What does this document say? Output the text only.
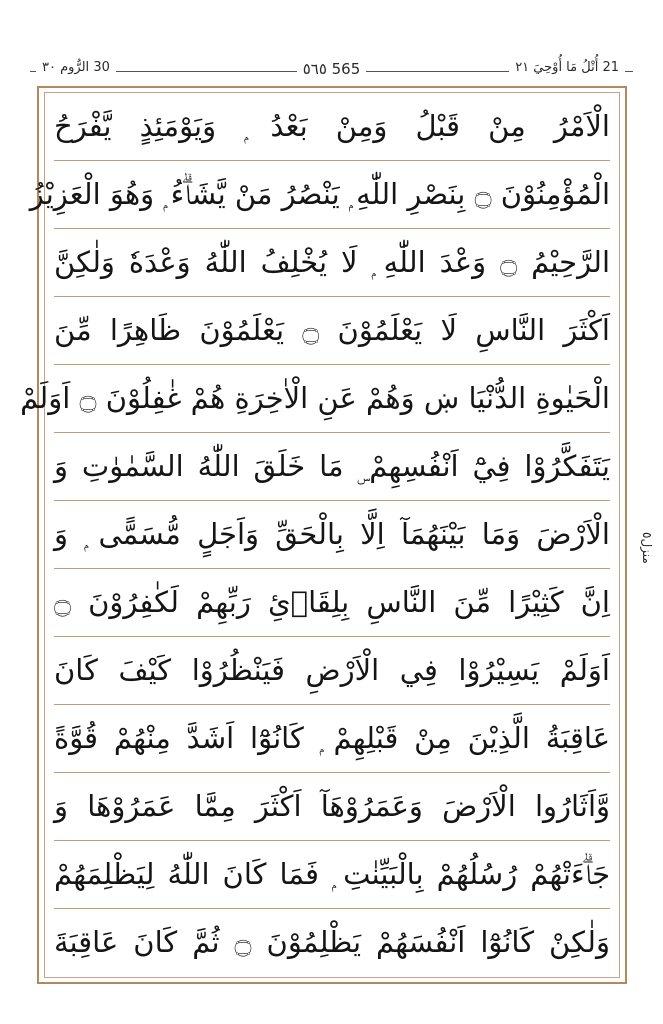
30 الرُّوم ٣٠	٥٦٥ 565	21 أُتْلُ مَا أُوْحِيَ ٢١
الْاَمْرُ مِنْ قَبْلُ وَمِنْ بَعْدُ ۭ وَيَوْمَئِذٍ يَّفْرَحُ
الْمُؤْمِنُوْنَ ۝ بِنَصْرِ اللّٰهِ ۭ يَنْصُرُ مَنْ يَّشَاۗءُ ۭ وَهُوَ الْعَزِيْزُ
الرَّحِيْمُ ۝ وَعْدَ اللّٰهِ ۭ لَا يُخْلِفُ اللّٰهُ وَعْدَهٗ وَلٰكِنَّ
اَكْثَرَ النَّاسِ لَا يَعْلَمُوْنَ ۝ يَعْلَمُوْنَ ظَاهِرًا مِّنَ
الْحَيٰوةِ الدُّنْيَا ښ وَهُمْ عَنِ الْاٰخِرَةِ هُمْ غٰفِلُوْنَ ۝ اَوَلَمْ
يَتَفَكَّرُوْا فِيْٓ اَنْفُسِهِمْ ۣ مَا خَلَقَ اللّٰهُ السَّمٰوٰتِ وَ
الْاَرْضَ وَمَا بَيْنَهُمَآ اِلَّا بِالْحَقِّ وَاَجَلٍ مُّسَمًّى ۭ وَ
اِنَّ كَثِيْرًا مِّنَ النَّاسِ بِلِقَاۗئِ رَبِّهِمْ لَكٰفِرُوْنَ ۝
اَوَلَمْ يَسِيْرُوْا فِي الْاَرْضِ فَيَنْظُرُوْا كَيْفَ كَانَ
عَاقِبَةُ الَّذِيْنَ مِنْ قَبْلِهِمْ ۭ كَانُوْٓا اَشَدَّ مِنْهُمْ قُوَّةً
وَّاَثَارُوا الْاَرْضَ وَعَمَرُوْهَآ اَكْثَرَ مِمَّا عَمَرُوْهَا وَ
جَاۗءَتْهُمْ رُسُلُهُمْ بِالْبَيِّنٰتِ ۭ فَمَا كَانَ اللّٰهُ لِيَظْلِمَهُمْ
وَلٰكِنْ كَانُوْٓا اَنْفُسَهُمْ يَظْلِمُوْنَ ۝ ثُمَّ كَانَ عَاقِبَةَ
منزل٥
